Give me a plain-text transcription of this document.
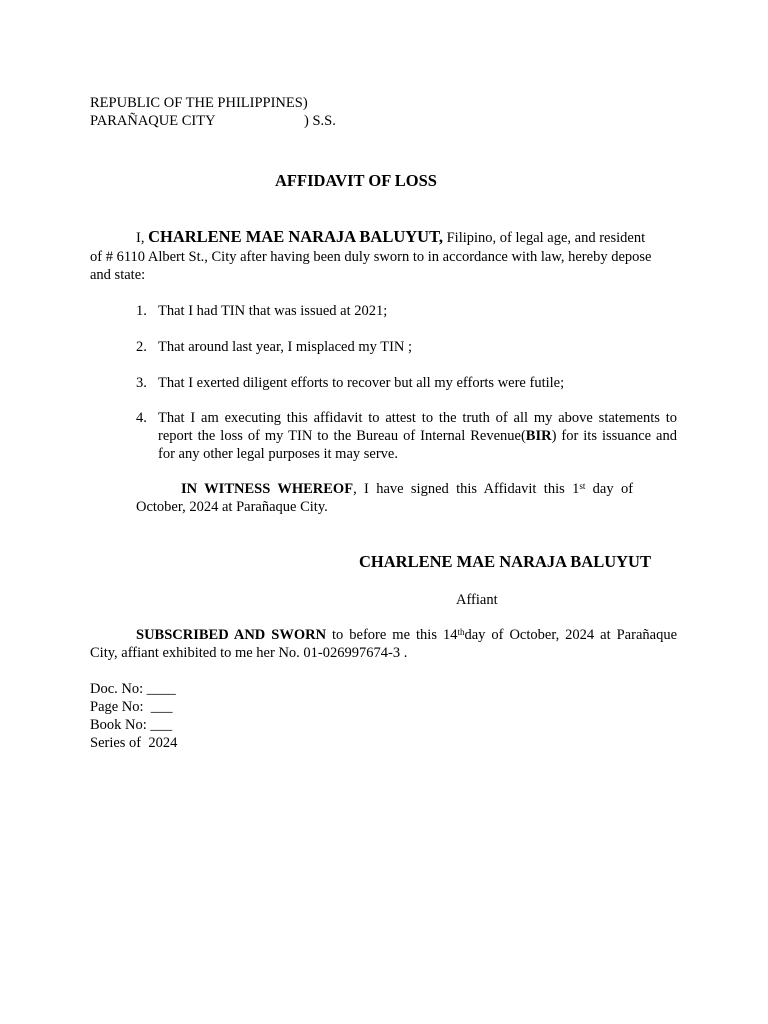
REPUBLIC OF THE PHILIPPINES)
PARAÑAQUE CITY	) S.S.
AFFIDAVIT OF LOSS
I, CHARLENE MAE NARAJA BALUYUT, Filipino, of legal age, and resident
of # 6110 Albert St., City after having been duly sworn to in accordance with law, hereby depose
and state:
1. That I had TIN that was issued at 2021;
2. That around last year, I misplaced my TIN ;
3. That I exerted diligent efforts to recover but all my efforts were futile;
4. That I am executing this affidavit to attest to the truth of all my above statements to report the loss of my TIN to the Bureau of Internal Revenue(BIR) for its issuance and for any other legal purposes it may serve.
IN WITNESS WHEREOF, I have signed this Affidavit this 1st day of
October, 2024 at Parañaque City.
CHARLENE MAE NARAJA BALUYUT
Affiant
SUBSCRIBED AND SWORN to before me this 14thday of October, 2024 at Parañaque
City, affiant exhibited to me her No. 01-026997674-3 .
Doc. No: ____
Page No:  ___
Book No: ___
Series of  2024
